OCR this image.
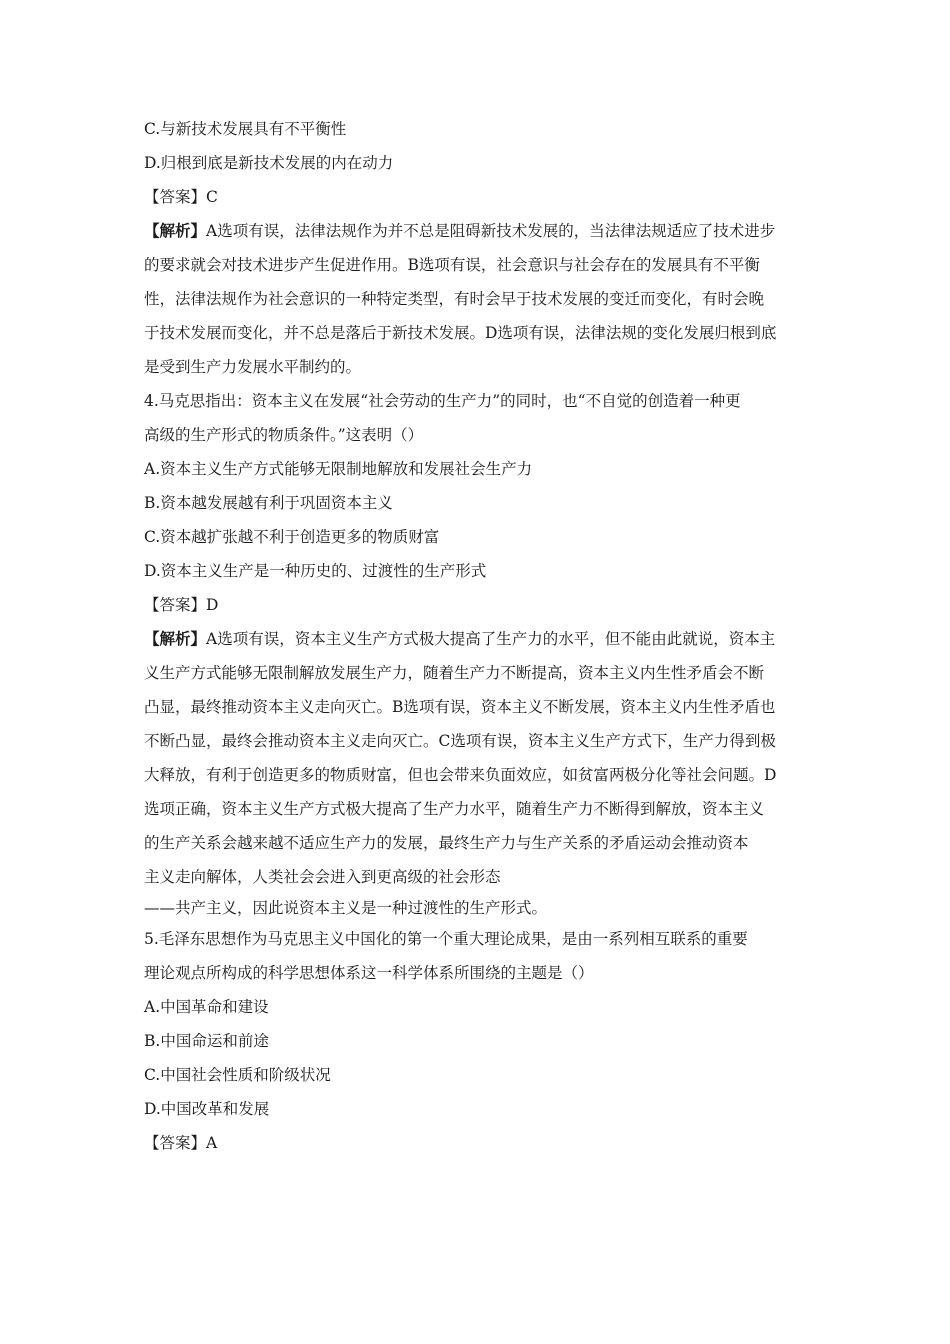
C.与新技术发展具有不平衡性

D.归根到底是新技术发展的内在动力

【答案】C

【解析】A选项有误，法律法规作为并不总是阻碍新技术发展的，当法律法规适应了技术进步

的要求就会对技术进步产生促进作用。B选项有误，社会意识与社会存在的发展具有不平衡

性，法律法规作为社会意识的一种特定类型，有时会早于技术发展的变迁而变化，有时会晚

于技术发展而变化，并不总是落后于新技术发展。D选项有误，法律法规的变化发展归根到底

是受到生产力发展水平制约的。

4.马克思指出：资本主义在发展“社会劳动的生产力”的同时，也“不自觉的创造着一种更

高级的生产形式的物质条件。”这表明（）

A.资本主义生产方式能够无限制地解放和发展社会生产力

B.资本越发展越有利于巩固资本主义

C.资本越扩张越不利于创造更多的物质财富

D.资本主义生产是一种历史的、过渡性的生产形式

【答案】D

【解析】A选项有误，资本主义生产方式极大提高了生产力的水平，但不能由此就说，资本主

义生产方式能够无限制解放发展生产力，随着生产力不断提高，资本主义内生性矛盾会不断

凸显，最终推动资本主义走向灭亡。B选项有误，资本主义不断发展，资本主义内生性矛盾也

不断凸显，最终会推动资本主义走向灭亡。C选项有误，资本主义生产方式下，生产力得到极

大释放，有利于创造更多的物质财富，但也会带来负面效应，如贫富两极分化等社会问题。D

选项正确，资本主义生产方式极大提高了生产力水平，随着生产力不断得到解放，资本主义

的生产关系会越来越不适应生产力的发展，最终生产力与生产关系的矛盾运动会推动资本

主义走向解体，人类社会会进入到更高级的社会形态

——共产主义，因此说资本主义是一种过渡性的生产形式。

5.毛泽东思想作为马克思主义中国化的第一个重大理论成果，是由一系列相互联系的重要

理论观点所构成的科学思想体系这一科学体系所围绕的主题是（）

A.中国革命和建设

B.中国命运和前途

C.中国社会性质和阶级状况

D.中国改革和发展

【答案】A
